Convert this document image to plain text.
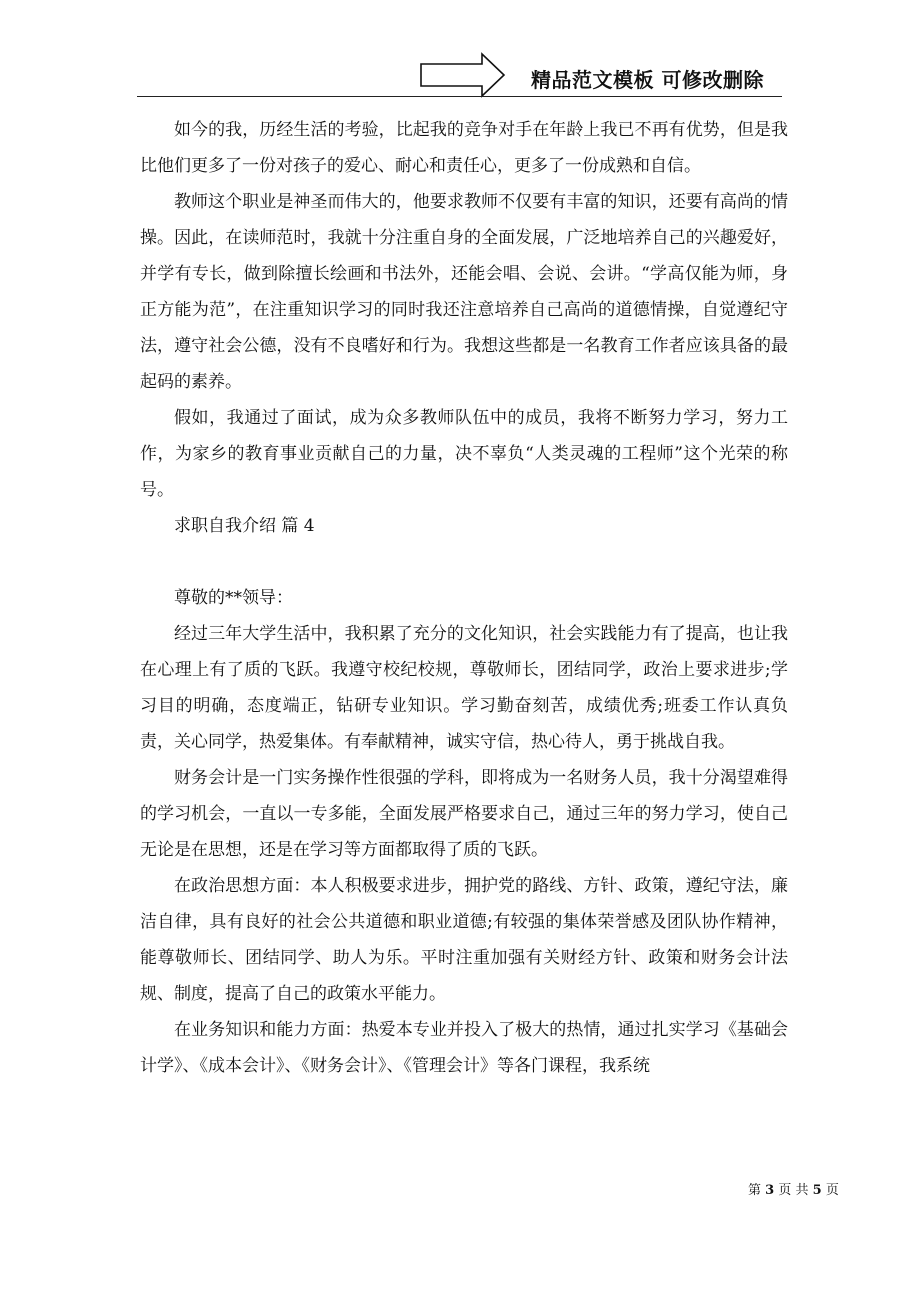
精品范文模板 可修改删除

如今的我，历经生活的考验，比起我的竞争对手在年龄上我已不再有优势，但是我比他们更多了一份对孩子的爱心、耐心和责任心，更多了一份成熟和自信。

教师这个职业是神圣而伟大的，他要求教师不仅要有丰富的知识，还要有高尚的情操。因此，在读师范时，我就十分注重自身的全面发展，广泛地培养自己的兴趣爱好，并学有专长，做到除擅长绘画和书法外，还能会唱、会说、会讲。“学高仅能为师，身正方能为范”，在注重知识学习的同时我还注意培养自己高尚的道德情操，自觉遵纪守法，遵守社会公德，没有不良嗜好和行为。我想这些都是一名教育工作者应该具备的最起码的素养。

假如，我通过了面试，成为众多教师队伍中的成员，我将不断努力学习，努力工作，为家乡的教育事业贡献自己的力量，决不辜负“人类灵魂的工程师”这个光荣的称号。

求职自我介绍 篇 4

尊敬的**领导：

经过三年大学生活中，我积累了充分的文化知识，社会实践能力有了提高，也让我在心理上有了质的飞跃。我遵守校纪校规，尊敬师长，团结同学，政治上要求进步;学习目的明确，态度端正，钻研专业知识。学习勤奋刻苦，成绩优秀;班委工作认真负责，关心同学，热爱集体。有奉献精神，诚实守信，热心待人，勇于挑战自我。

财务会计是一门实务操作性很强的学科，即将成为一名财务人员，我十分渴望难得的学习机会，一直以一专多能，全面发展严格要求自己，通过三年的努力学习，使自己无论是在思想，还是在学习等方面都取得了质的飞跃。

在政治思想方面：本人积极要求进步，拥护党的路线、方针、政策，遵纪守法，廉洁自律，具有良好的社会公共道德和职业道德;有较强的集体荣誉感及团队协作精神，能尊敬师长、团结同学、助人为乐。平时注重加强有关财经方针、政策和财务会计法规、制度，提高了自己的政策水平能力。

在业务知识和能力方面：热爱本专业并投入了极大的热情，通过扎实学习《基础会计学》、《成本会计》、《财务会计》、《管理会计》等各门课程，我系统

第 3 页 共 5 页
